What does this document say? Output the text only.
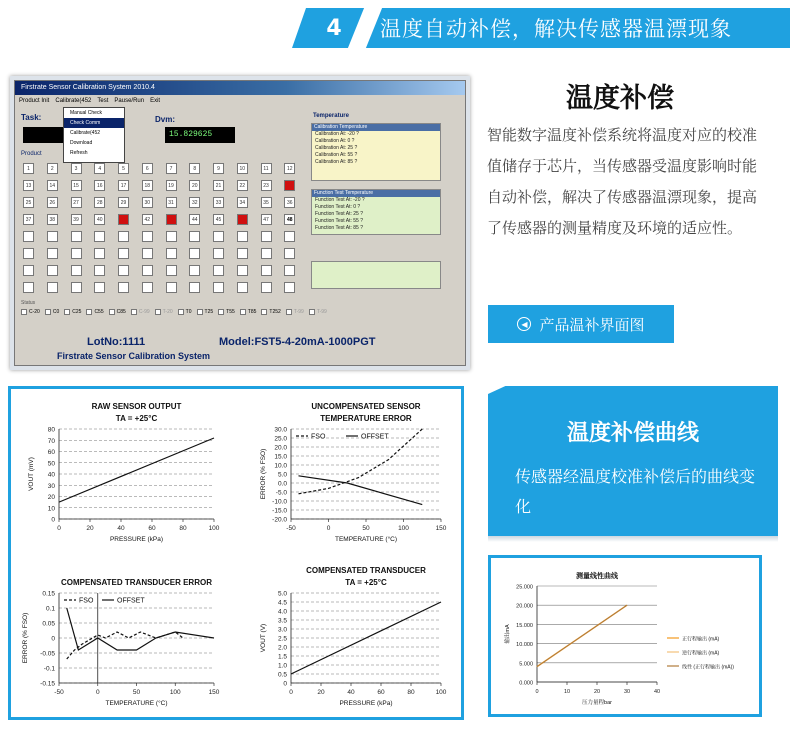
4	温度自动补偿，解决传感器温漂现象
Firstrate Sensor Calibration System 2010.4
Product Init Calibrate(452 Test Pause/Run Exit
Manual Check
Check Comm
Calibrate(452
Download
Refresh
Task:	Dvm:
15.829625
Product
1	2	3	4	5	6	7	8	9	10	11	12
13	14	15	16	17	18	19	20	21	22	23	24
25	26	27	28	29	30	31	32	33	34	35	36
37	38	39	40	41	42	43	44	45	46	47	48
Temperature
Calibration Temperature
Calibration At: -20 ?
Calibration At: 0 ?
Calibration At: 25 ?
Calibration At: 55 ?
Calibration At: 85 ?
Function Test Temperature
Function Test At: -20 ?
Function Test At: 0 ?
Function Test At: 25 ?
Function Test At: 55 ?
Function Test At: 85 ?
Status
C-20	C0	C25	C55	C85	C-99	T-20	T0	T25	T55	T85	T252	T-99	T-99
LotNo:1111	Model:FST5-4-20mA-1000PGT
Firstrate Sensor Calibration System
温度补偿
智能数字温度补偿系统将温度对应的校准值储存于芯片，当传感器受温度影响时能自动补偿，解决了传感器温漂现象，提高了传感器的测量精度及环境的适应性。
◀ 产品温补界面图
RAW SENSOR OUTPUT
TA = +25°C
0
10
20
30
40
50
60
70
80
0	20	40	60	80	100
PRESSURE (kPa)
VOUT (mV)
UNCOMPENSATED SENSOR
TEMPERATURE ERROR
-20.0
-15.0
-10.0
-5.0
0.0
5.0
10.0
15.0
20.0
25.0
30.0
-50	0	50	100	150
TEMPERATURE (°C)
ERROR (% FSO)
FSO	OFFSET
COMPENSATED TRANSDUCER ERROR
-0.15
-0.1
-0.05
0
0.05
0.1
0.15
-50	0	50	100	150
TEMPERATURE (°C)
ERROR (% FSO)
FSO	OFFSET
COMPENSATED TRANSDUCER
TA = +25°C
0
0.5
1.0
1.5
2.0
2.5
3.0
3.5
4.0
4.5
5.0
0	20	40	60	80	100
PRESSURE (kPa)
VOUT (V)
温度补偿曲线
传感器经温度校准补偿后的曲线变化
测量线性曲线
0.000
5.000
10.000
15.000
20.000
25.000
0	10	20	30	40
压力量程bar
输出mA	正行程输出 (mA)
逆行程输出 (mA)
线性 (正行程输出 (mA))
